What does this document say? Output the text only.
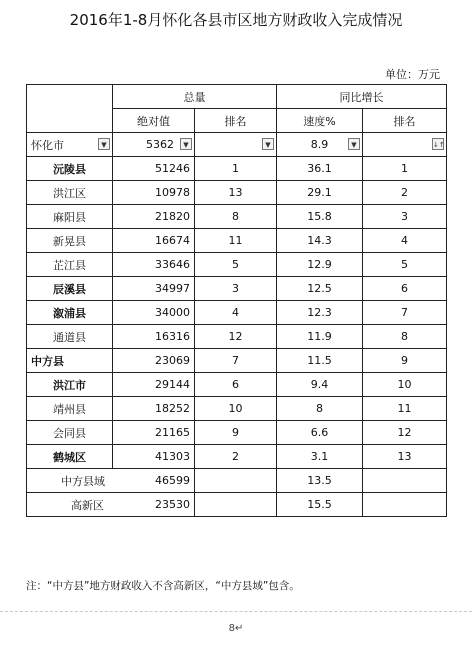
2016年1-8月怀化各县市区地方财政收入完成情况
单位：万元
	总量		同比增长	
	绝对值	排名	速度%	排名
怀化市 ▼	5362 ▼	▼	8.9 ▼	↓↑

沅陵县	51246	1	36.1	1
洪江区	10978	13	29.1	2
麻阳县	21820	8	15.8	3
新晃县	16674	11	14.3	4
芷江县	33646	5	12.9	5
辰溪县	34997	3	12.5	6
溆浦县	34000	4	12.3	7
通道县	16316	12	11.9	8
中方县	23069	7	11.5	9
洪江市	29144	6	9.4	10
靖州县	18252	10	8	11
会同县	21165	9	6.6	12
鹤城区	41303	2	3.1	13
中方县域	46599		13.5	
高新区	23530		15.5	
注：“中方县”地方财政收入不含高新区，“中方县域”包含。
8↵
